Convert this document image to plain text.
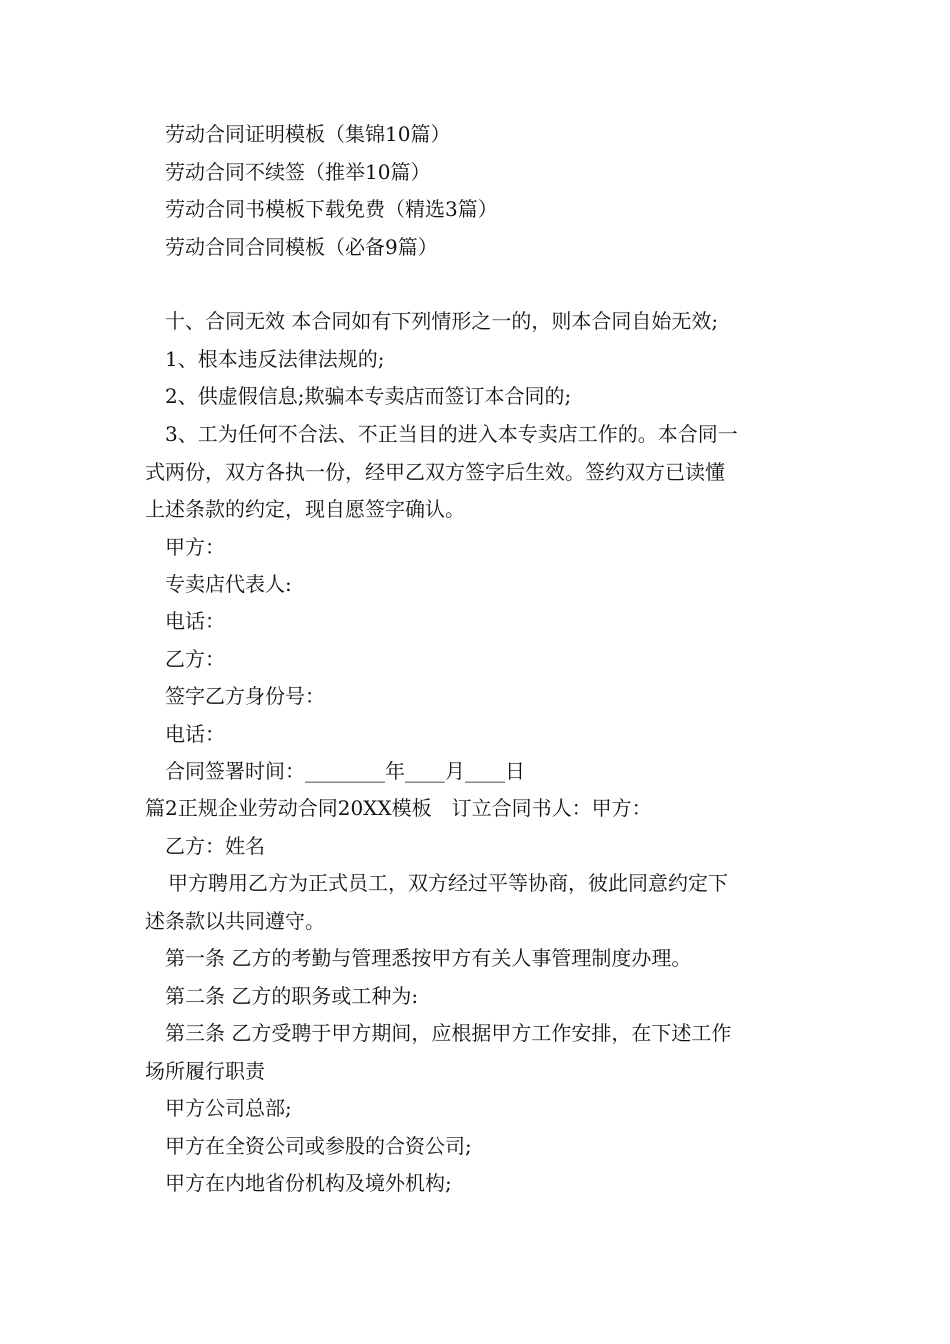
劳动合同证明模板（集锦10篇）
劳动合同不续签（推举10篇）
劳动合同书模板下载免费（精选3篇）
劳动合同合同模板（必备9篇）
十、合同无效 本合同如有下列情形之一的，则本合同自始无效;
1、根本违反法律法规的;
2、供虚假信息;欺骗本专卖店而签订本合同的;
3、工为任何不合法、不正当目的进入本专卖店工作的。本合同一
式两份，双方各执一份，经甲乙双方签字后生效。签约双方已读懂
上述条款的约定，现自愿签字确认。
甲方：
专卖店代表人:
电话：
乙方：
签字乙方身份号：
电话：
合同签署时间：________年____月____日
篇2正规企业劳动合同20XX模板　订立合同书人：甲方：
乙方：姓名
甲方聘用乙方为正式员工，双方经过平等协商，彼此同意约定下
述条款以共同遵守。
第一条 乙方的考勤与管理悉按甲方有关人事管理制度办理。
第二条 乙方的职务或工种为:
第三条 乙方受聘于甲方期间，应根据甲方工作安排，在下述工作
场所履行职责
甲方公司总部;
甲方在全资公司或参股的合资公司;
甲方在内地省份机构及境外机构;
